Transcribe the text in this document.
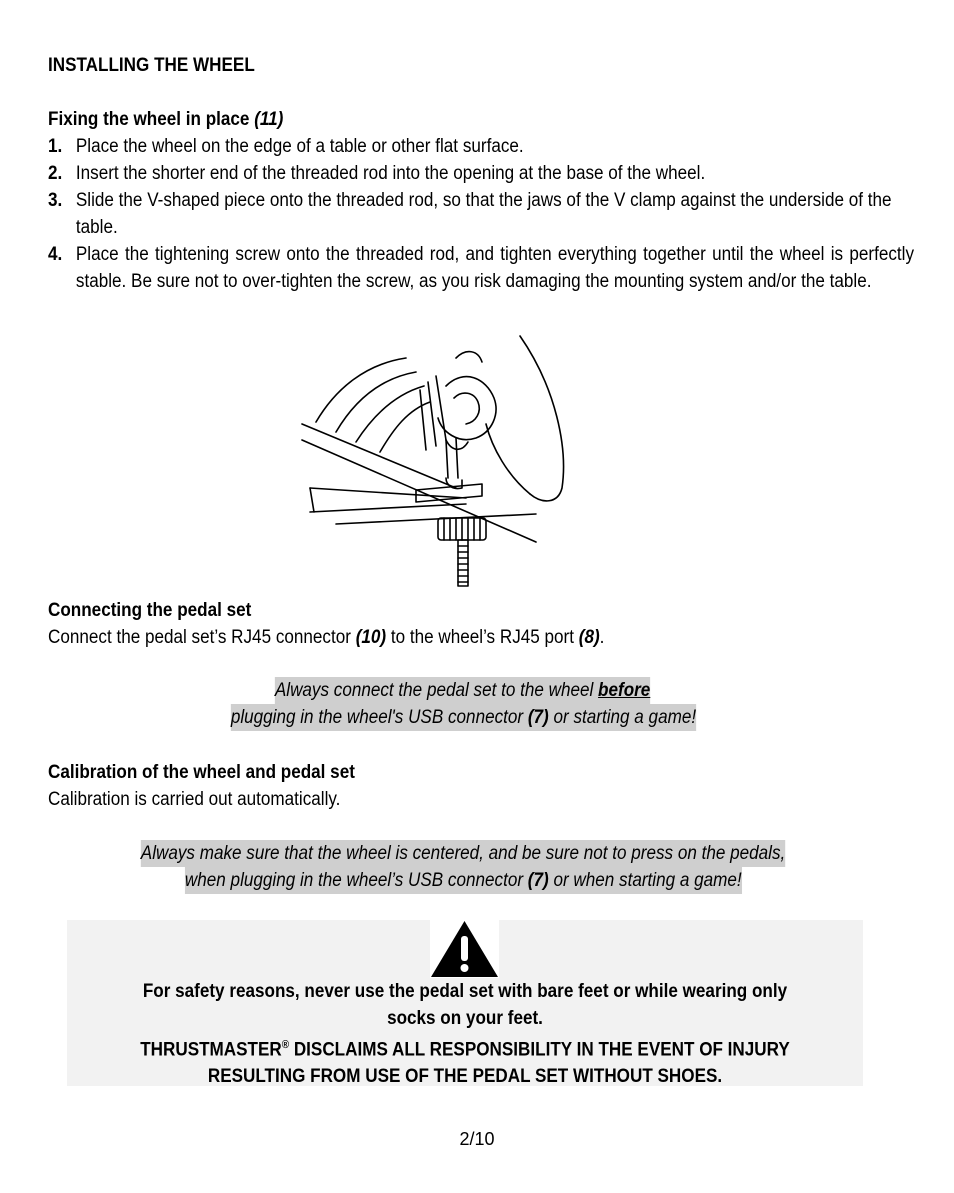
INSTALLING THE WHEEL
Fixing the wheel in place (11)
1. Place the wheel on the edge of a table or other flat surface.
2. Insert the shorter end of the threaded rod into the opening at the base of the wheel.
3. Slide the V-shaped piece onto the threaded rod, so that the jaws of the V clamp against the underside of the table.
4. Place the tightening screw onto the threaded rod, and tighten everything together until the wheel is perfectly stable. Be sure not to over-tighten the screw, as you risk damaging the mounting system and/or the table.
Connecting the pedal set
Connect the pedal set’s RJ45 connector (10) to the wheel’s RJ45 port (8).
Always connect the pedal set to the wheel before
plugging in the wheel's USB connector (7) or starting a game!
Calibration of the wheel and pedal set
Calibration is carried out automatically.
Always make sure that the wheel is centered, and be sure not to press on the pedals,
when plugging in the wheel’s USB connector (7) or when starting a game!
For safety reasons, never use the pedal set with bare feet or while wearing only
socks on your feet.
THRUSTMASTER® DISCLAIMS ALL RESPONSIBILITY IN THE EVENT OF INJURY
RESULTING FROM USE OF THE PEDAL SET WITHOUT SHOES.
2/10
